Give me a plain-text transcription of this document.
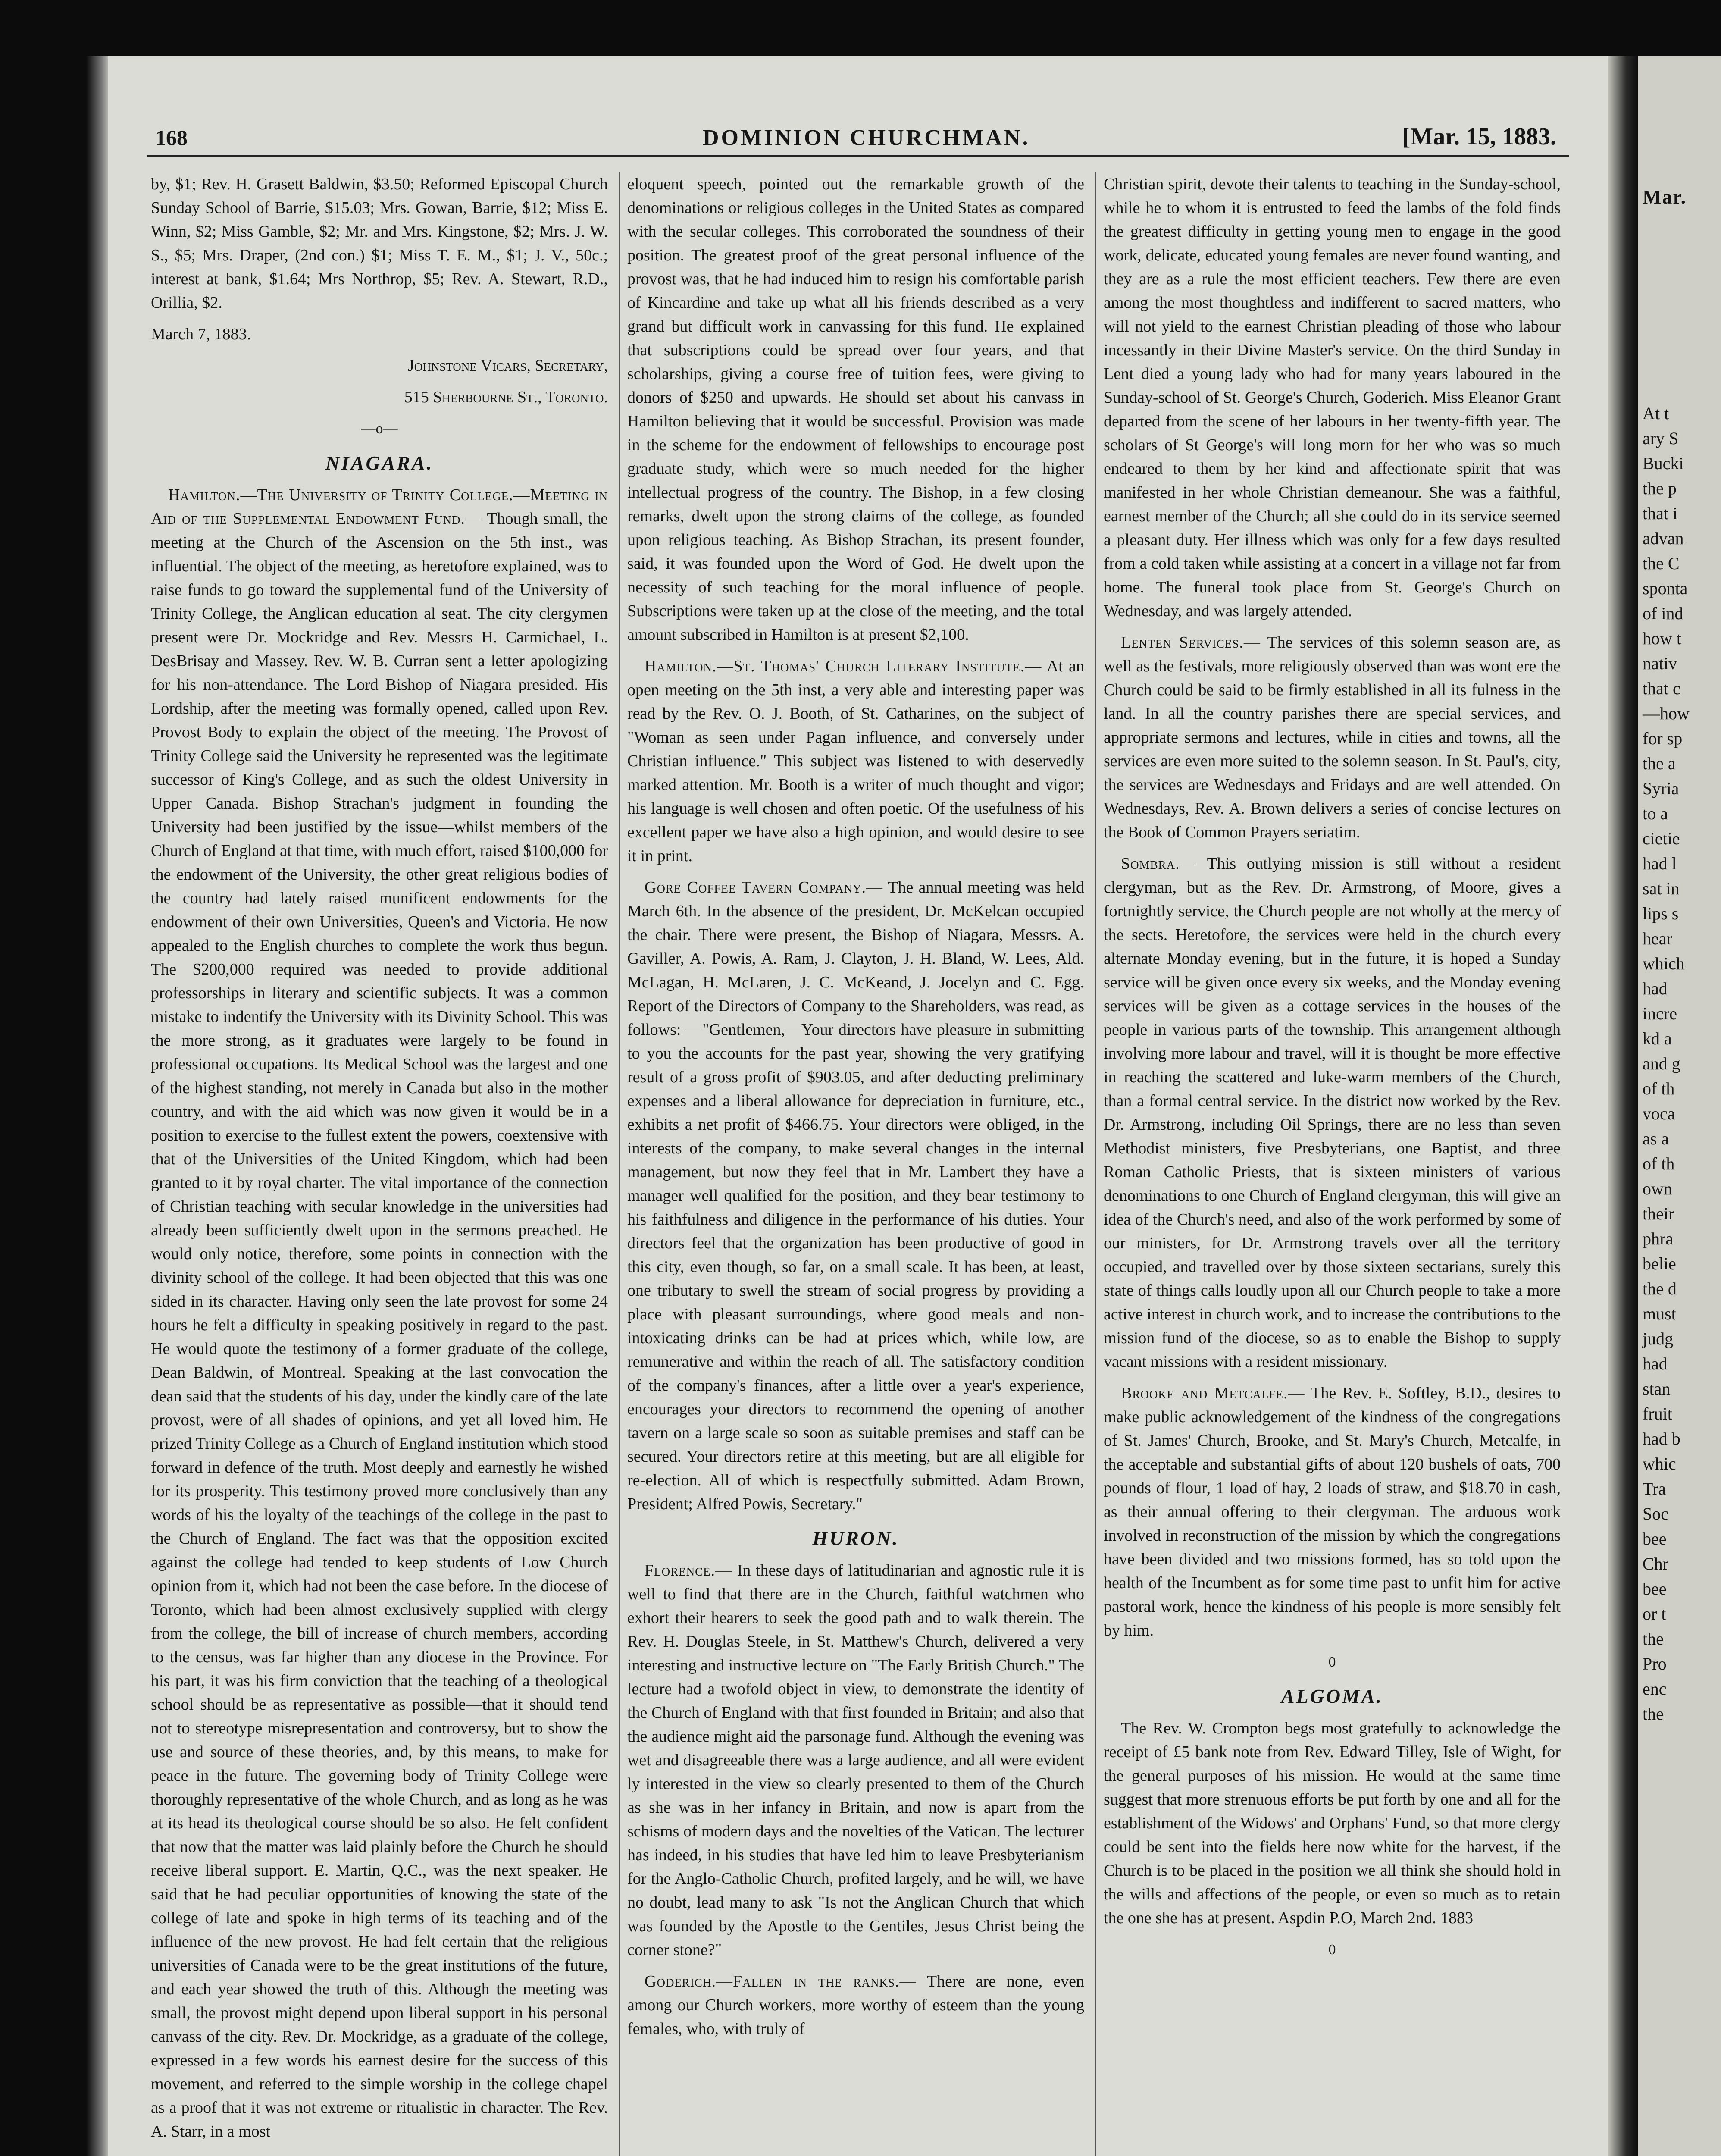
168	DOMINION CHURCHMAN.	[Mar. 15, 1883.

by, $1; Rev. H. Grasett Baldwin, $3.50; Reformed Episcopal Church Sunday School of Barrie, $15.03; Mrs. Gowan, Barrie, $12; Miss E. Winn, $2; Miss Gamble, $2; Mr. and Mrs. Kingstone, $2; Mrs. J. W. S., $5; Mrs. Draper, (2nd con.) $1; Miss T. E. M., $1; J. V., 50c.; interest at bank, $1.64; Mrs Northrop, $5; Rev. A. Stewart, R.D., Orillia, $2.

March 7, 1883.

Johnstone Vicars, Secretary,

515 Sherbourne St., Toronto.

—o—
NIAGARA.

Hamilton.—The University of Trinity College.—Meeting in Aid of the Supplemental Endowment Fund.— Though small, the meeting at the Church of the Ascension on the 5th inst., was influential. The object of the meeting, as heretofore explained, was to raise funds to go toward the supplemental fund of the University of Trinity College, the Anglican education al seat. The city clergymen present were Dr. Mockridge and Rev. Messrs H. Carmichael, L. DesBrisay and Massey. Rev. W. B. Curran sent a letter apologizing for his non-attendance. The Lord Bishop of Niagara presided. His Lordship, after the meeting was formally opened, called upon Rev. Provost Body to explain the object of the meeting. The Provost of Trinity College said the University he represented was the legitimate successor of King's College, and as such the oldest University in Upper Canada. Bishop Strachan's judgment in founding the University had been justified by the issue—whilst members of the Church of England at that time, with much effort, raised $100,000 for the endowment of the University, the other great religious bodies of the country had lately raised munificent endowments for the endowment of their own Universities, Queen's and Victoria. He now appealed to the English churches to complete the work thus begun. The $200,000 required was needed to provide additional professorships in literary and scientific subjects. It was a common mistake to indentify the University with its Divinity School. This was the more strong, as it graduates were largely to be found in professional occupations. Its Medical School was the largest and one of the highest standing, not merely in Canada but also in the mother country, and with the aid which was now given it would be in a position to exercise to the fullest extent the powers, coextensive with that of the Universities of the United Kingdom, which had been granted to it by royal charter. The vital importance of the connection of Christian teaching with secular knowledge in the universities had already been sufficiently dwelt upon in the sermons preached. He would only notice, therefore, some points in connection with the divinity school of the college. It had been objected that this was one sided in its character. Having only seen the late provost for some 24 hours he felt a difficulty in speaking positively in regard to the past. He would quote the testimony of a former graduate of the college, Dean Baldwin, of Montreal. Speaking at the last convocation the dean said that the students of his day, under the kindly care of the late provost, were of all shades of opinions, and yet all loved him. He prized Trinity College as a Church of England institution which stood forward in defence of the truth. Most deeply and earnestly he wished for its prosperity. This testimony proved more conclusively than any words of his the loyalty of the teachings of the college in the past to the Church of England. The fact was that the opposition excited against the college had tended to keep students of Low Church opinion from it, which had not been the case before. In the diocese of Toronto, which had been almost exclusively supplied with clergy from the college, the bill of increase of church members, according to the census, was far higher than any diocese in the Province. For his part, it was his firm conviction that the teaching of a theological school should be as representative as possible—that it should tend not to stereotype misrepresentation and controversy, but to show the use and source of these theories, and, by this means, to make for peace in the future. The governing body of Trinity College were thoroughly representative of the whole Church, and as long as he was at its head its theological course should be so also. He felt confident that now that the matter was laid plainly before the Church he should receive liberal support. E. Martin, Q.C., was the next speaker. He said that he had peculiar opportunities of knowing the state of the college of late and spoke in high terms of its teaching and of the influence of the new provost. He had felt certain that the religious universities of Canada were to be the great institutions of the future, and each year showed the truth of this. Although the meeting was small, the provost might depend upon liberal support in his personal canvass of the city. Rev. Dr. Mockridge, as a graduate of the college, expressed in a few words his earnest desire for the success of this movement, and referred to the simple worship in the college chapel as a proof that it was not extreme or ritualistic in character. The Rev. A. Starr, in a most

eloquent speech, pointed out the remarkable growth of the denominations or religious colleges in the United States as compared with the secular colleges. This corroborated the soundness of their position. The greatest proof of the great personal influence of the provost was, that he had induced him to resign his comfortable parish of Kincardine and take up what all his friends described as a very grand but difficult work in canvassing for this fund. He explained that subscriptions could be spread over four years, and that scholarships, giving a course free of tuition fees, were giving to donors of $250 and upwards. He should set about his canvass in Hamilton believing that it would be successful. Provision was made in the scheme for the endowment of fellowships to encourage post graduate study, which were so much needed for the higher intellectual progress of the country. The Bishop, in a few closing remarks, dwelt upon the strong claims of the college, as founded upon religious teaching. As Bishop Strachan, its present founder, said, it was founded upon the Word of God. He dwelt upon the necessity of such teaching for the moral influence of people. Subscriptions were taken up at the close of the meeting, and the total amount subscribed in Hamilton is at present $2,100.

Hamilton.—St. Thomas' Church Literary Institute.— At an open meeting on the 5th inst, a very able and interesting paper was read by the Rev. O. J. Booth, of St. Catharines, on the subject of "Woman as seen under Pagan influence, and conversely under Christian influence." This subject was listened to with deservedly marked attention. Mr. Booth is a writer of much thought and vigor; his language is well chosen and often poetic. Of the usefulness of his excellent paper we have also a high opinion, and would desire to see it in print.

Gore Coffee Tavern Company.— The annual meeting was held March 6th. In the absence of the president, Dr. McKelcan occupied the chair. There were present, the Bishop of Niagara, Messrs. A. Gaviller, A. Powis, A. Ram, J. Clayton, J. H. Bland, W. Lees, Ald. McLagan, H. McLaren, J. C. McKeand, J. Jocelyn and C. Egg. Report of the Directors of Company to the Shareholders, was read, as follows: —"Gentlemen,—Your directors have pleasure in submitting to you the accounts for the past year, showing the very gratifying result of a gross profit of $903.05, and after deducting preliminary expenses and a liberal allowance for depreciation in furniture, etc., exhibits a net profit of $466.75. Your directors were obliged, in the interests of the company, to make several changes in the internal management, but now they feel that in Mr. Lambert they have a manager well qualified for the position, and they bear testimony to his faithfulness and diligence in the performance of his duties. Your directors feel that the organization has been productive of good in this city, even though, so far, on a small scale. It has been, at least, one tributary to swell the stream of social progress by providing a place with pleasant surroundings, where good meals and non-intoxicating drinks can be had at prices which, while low, are remunerative and within the reach of all. The satisfactory condition of the company's finances, after a little over a year's experience, encourages your directors to recommend the opening of another tavern on a large scale so soon as suitable premises and staff can be secured. Your directors retire at this meeting, but are all eligible for re-election. All of which is respectfully submitted. Adam Brown, President; Alfred Powis, Secretary."

HURON.

Florence.— In these days of latitudinarian and agnostic rule it is well to find that there are in the Church, faithful watchmen who exhort their hearers to seek the good path and to walk therein. The Rev. H. Douglas Steele, in St. Matthew's Church, delivered a very interesting and instructive lecture on "The Early British Church." The lecture had a twofold object in view, to demonstrate the identity of the Church of England with that first founded in Britain; and also that the audience might aid the parsonage fund. Although the evening was wet and disagreeable there was a large audience, and all were evident ly interested in the view so clearly presented to them of the Church as she was in her infancy in Britain, and now is apart from the schisms of modern days and the novelties of the Vatican. The lecturer has indeed, in his studies that have led him to leave Presbyterianism for the Anglo-Catholic Church, profited largely, and he will, we have no doubt, lead many to ask "Is not the Anglican Church that which was founded by the Apostle to the Gentiles, Jesus Christ being the corner stone?"

Goderich.—Fallen in the ranks.— There are none, even among our Church workers, more worthy of esteem than the young females, who, with truly of

Christian spirit, devote their talents to teaching in the Sunday-school, while he to whom it is entrusted to feed the lambs of the fold finds the greatest difficulty in getting young men to engage in the good work, delicate, educated young females are never found wanting, and they are as a rule the most efficient teachers. Few there are even among the most thoughtless and indifferent to sacred matters, who will not yield to the earnest Christian pleading of those who labour incessantly in their Divine Master's service. On the third Sunday in Lent died a young lady who had for many years laboured in the Sunday-school of St. George's Church, Goderich. Miss Eleanor Grant departed from the scene of her labours in her twenty-fifth year. The scholars of St George's will long morn for her who was so much endeared to them by her kind and affectionate spirit that was manifested in her whole Christian demeanour. She was a faithful, earnest member of the Church; all she could do in its service seemed a pleasant duty. Her illness which was only for a few days resulted from a cold taken while assisting at a concert in a village not far from home. The funeral took place from St. George's Church on Wednesday, and was largely attended.

Lenten Services.— The services of this solemn season are, as well as the festivals, more religiously observed than was wont ere the Church could be said to be firmly established in all its fulness in the land. In all the country parishes there are special services, and appropriate sermons and lectures, while in cities and towns, all the services are even more suited to the solemn season. In St. Paul's, city, the services are Wednesdays and Fridays and are well attended. On Wednesdays, Rev. A. Brown delivers a series of concise lectures on the Book of Common Prayers seriatim.

Sombra.— This outlying mission is still without a resident clergyman, but as the Rev. Dr. Armstrong, of Moore, gives a fortnightly service, the Church people are not wholly at the mercy of the sects. Heretofore, the services were held in the church every alternate Monday evening, but in the future, it is hoped a Sunday service will be given once every six weeks, and the Monday evening services will be given as a cottage services in the houses of the people in various parts of the township. This arrangement although involving more labour and travel, will it is thought be more effective in reaching the scattered and luke-warm members of the Church, than a formal central service. In the district now worked by the Rev. Dr. Armstrong, including Oil Springs, there are no less than seven Methodist ministers, five Presbyterians, one Baptist, and three Roman Catholic Priests, that is sixteen ministers of various denominations to one Church of England clergyman, this will give an idea of the Church's need, and also of the work performed by some of our ministers, for Dr. Armstrong travels over all the territory occupied, and travelled over by those sixteen sectarians, surely this state of things calls loudly upon all our Church people to take a more active interest in church work, and to increase the contributions to the mission fund of the diocese, so as to enable the Bishop to supply vacant missions with a resident missionary.

Brooke and Metcalfe.— The Rev. E. Softley, B.D., desires to make public acknowledgement of the kindness of the congregations of St. James' Church, Brooke, and St. Mary's Church, Metcalfe, in the acceptable and substantial gifts of about 120 bushels of oats, 700 pounds of flour, 1 load of hay, 2 loads of straw, and $18.70 in cash, as their annual offering to their clergyman. The arduous work involved in reconstruction of the mission by which the congregations have been divided and two missions formed, has so told upon the health of the Incumbent as for some time past to unfit him for active pastoral work, hence the kindness of his people is more sensibly felt by him.

0
ALGOMA.

The Rev. W. Crompton begs most gratefully to acknowledge the receipt of £5 bank note from Rev. Edward Tilley, Isle of Wight, for the general purposes of his mission. He would at the same time suggest that more strenuous efforts be put forth by one and all for the establishment of the Widows' and Orphans' Fund, so that more clergy could be sent into the fields here now white for the harvest, if the Church is to be placed in the position we all think she should hold in the wills and affections of the people, or even so much as to retain the one she has at present. Aspdin P.O, March 2nd. 1883

0
Mar.
At t
ary S
Bucki
the p
that i
advan
the C
sponta
of ind
how t
nativ
that c
—how
for sp
the a
Syria
to a
cietie
had l
sat in
lips s
hear
which
had
incre
kd a
and g
of th
voca
as a
of th
own
their
phra
belie
the d
must
judg
had
stan
fruit
had b
whic
Tra
Soc
bee
Chr
bee
or t
the
Pro
enc
the
